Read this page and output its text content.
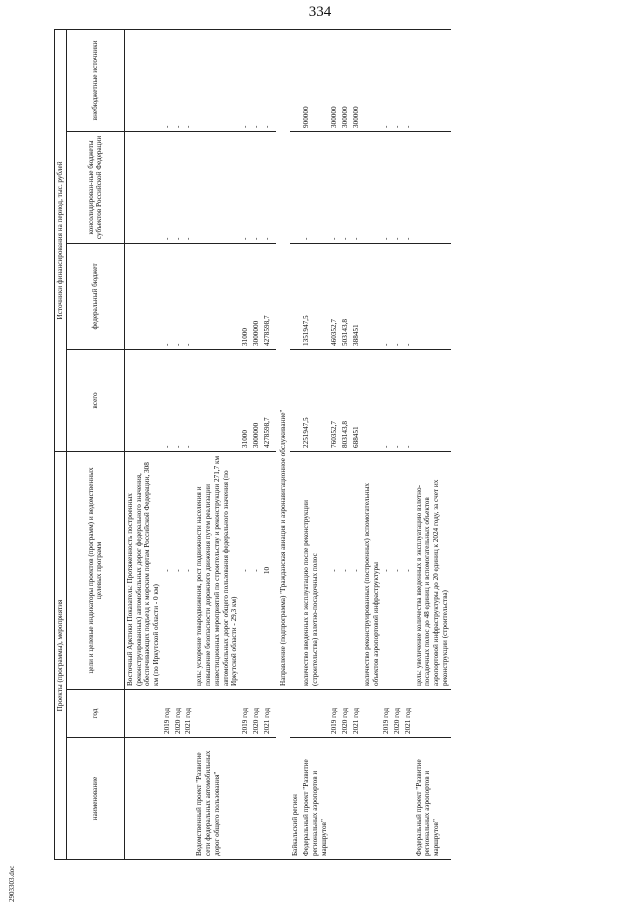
334
2903303.doc
Проекты (программы), мероприятия			Источники финансирования на период, тыс. рублей			
наименование	год	цели и целевые индикаторы проектов (программ) и ведомственных целевых программ	всего	федеральный бюджет	консолидирован-ные бюджеты субъектов Российской Федерации	внебюджетные источники
		Восточный Арктики Показатель: Протяженность построенных (реконструированных) автомобильных дорог федерального значения, обеспечивающих подъезд к морским портам Российской Федерации, 308 км (по Иркутской области - 0 км)				
	2019 год	-	-	-	-	-
	2020 год	-	-	-	-	-
	2021 год	-	-	-	-	-
Ведомственный проект "Развитие сети федеральных автомобильных дорог общего пользования"		цель: ускорение товародвижения, рост подвижности населения и повышение безопасности дорожного движения путем реализации инвестиционных мероприятий по строительству и реконструкции 271,7 км автомобильных дорог общего пользования федерального значения (по Иркутской области - 29,3 км)				
	2019 год	-	31000	31000	-	-
	2020 год	-	3000000	3000000	-	-
	2021 год	10	4278598,7	4278598,7	-	-

		Направление (подпрограмма) "Гражданская авиация и аэронавигационное обслуживание"				
Байкальский регион						
Федеральный проект "Развитие региональных аэропортов и маршрутов"		количество введенных в эксплуатацию после реконструкции (строительства) взлетно-посадочных полос	2251947,5	1351947,5	-	900000
	2019 год	-	760352,7	460352,7	-	300000
	2020 год	-	803143,8	503143,8	-	300000
	2021 год	-	688451	388451	-	300000
		количество реконструированных (построенных) вспомогательных объектов аэропортовой инфраструктуры				
	2019 год	-	-	-	-	-
	2020 год	-	-	-	-	-
	2021 год	-	-	-	-	-
Федеральный проект "Развитие региональных аэропортов и маршрутов"		цель: увеличение количества введенных в эксплуатацию взлетно-посадочных полос до 48 единиц и вспомогательных объектов аэропортовой инфраструктуры до 20 единиц к 2024 году, за счет их реконструкции (строительства)				
